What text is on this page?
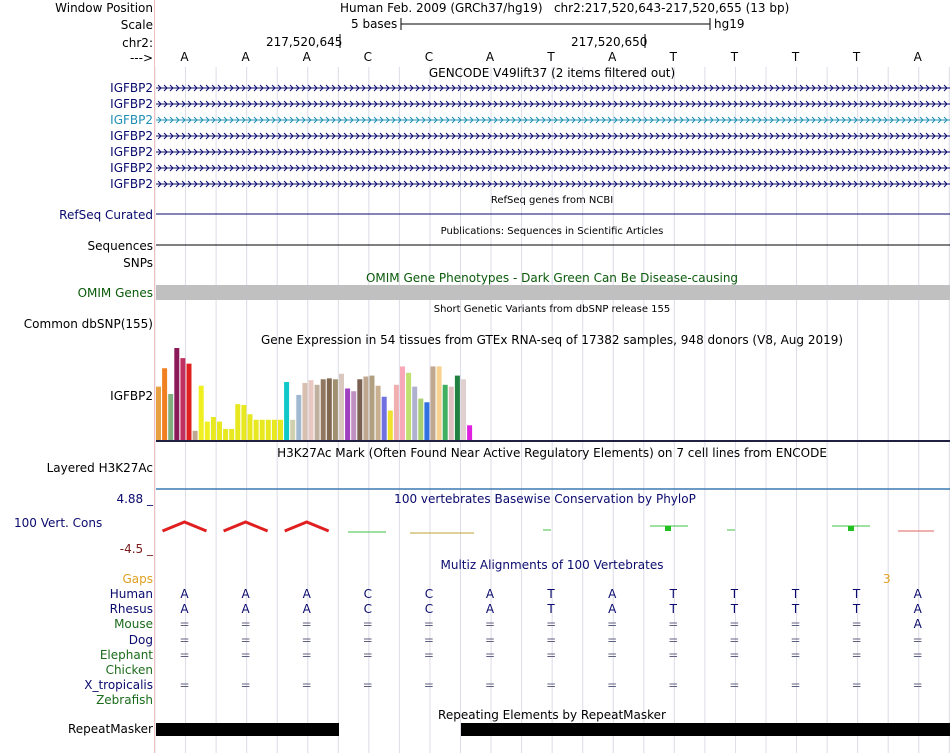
Window Position	Human Feb. 2009 (GRCh37/hg19)   chr2:217,520,643-217,520,655 (13 bp)
Scale	5 bases	hg19
chr2:	217,520,645	217,520,650
---> A	A	A	C	C	A	T	A	T	T	T	T	A
GENCODE V49lift37 (2 items filtered out)
IGFBP2
IGFBP2
IGFBP2
IGFBP2
IGFBP2
IGFBP2
IGFBP2
RefSeq genes from NCBI
RefSeq Curated
Publications: Sequences in Scientific Articles
Sequences
SNPs
OMIM Gene Phenotypes - Dark Green Can Be Disease-causing
OMIM Genes
Short Genetic Variants from dbSNP release 155
Common dbSNP(155)
Gene Expression in 54 tissues from GTEx RNA-seq of 17382 samples, 948 donors (V8, Aug 2019)
IGFBP2
H3K27Ac Mark (Often Found Near Active Regulatory Elements) on 7 cell lines from ENCODE
Layered H3K27Ac
100 vertebrates Basewise Conservation by PhyloP
4.88 _
100 Vert. Cons
-4.5 _
Multiz Alignments of 100 Vertebrates
Gaps	3
Human A	A	A	C	C	A	T	A	T	T	T	T	A
Rhesus A	A	A	C	C	A	T	A	T	T	T	T	A
Mouse =	=	=	=	=	=	=	=	=	=	=	=	A
Dog =	=	=	=	=	=	=	=	=	=	=	=	=
Elephant =	=	=	=	=	=	=	=	=	=	=	=	=
Chicken
X_tropicalis =	=	=	=	=	=	=	=	=	=	=	=	=
Zebrafish
Repeating Elements by RepeatMasker
RepeatMasker
